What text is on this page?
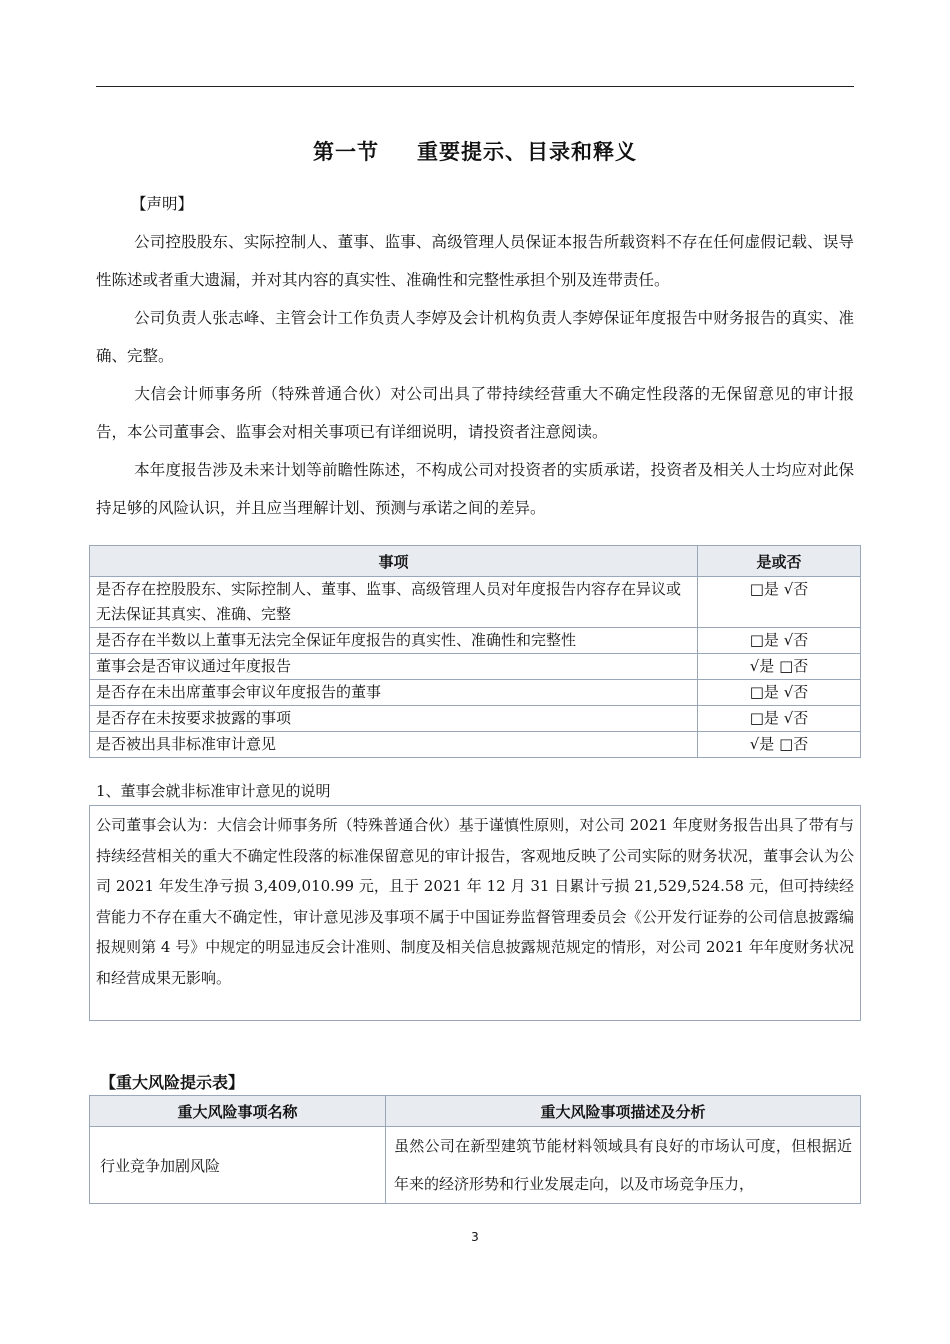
第一节 重要提示、目录和释义
【声明】
公司控股股东、实际控制人、董事、监事、高级管理人员保证本报告所载资料不存在任何虚假记载、误导性陈述或者重大遗漏，并对其内容的真实性、准确性和完整性承担个别及连带责任。
公司负责人张志峰、主管会计工作负责人李婷及会计机构负责人李婷保证年度报告中财务报告的真实、准确、完整。
大信会计师事务所（特殊普通合伙）对公司出具了带持续经营重大不确定性段落的无保留意见的审计报告，本公司董事会、监事会对相关事项已有详细说明，请投资者注意阅读。
本年度报告涉及未来计划等前瞻性陈述，不构成公司对投资者的实质承诺，投资者及相关人士均应对此保持足够的风险认识，并且应当理解计划、预测与承诺之间的差异。
事项	是或否
是否存在控股股东、实际控制人、董事、监事、高级管理人员对年度报告内容存在异议或无法保证其真实、准确、完整	□是 √否
是否存在半数以上董事无法完全保证年度报告的真实性、准确性和完整性	□是 √否
董事会是否审议通过年度报告	√是 □否
是否存在未出席董事会审议年度报告的董事	□是 √否
是否存在未按要求披露的事项	□是 √否
是否被出具非标准审计意见	√是 □否
1、董事会就非标准审计意见的说明
公司董事会认为：大信会计师事务所（特殊普通合伙）基于谨慎性原则，对公司 2021 年度财务报告出具了带有与持续经营相关的重大不确定性段落的标准保留意见的审计报告，客观地反映了公司实际的财务状况，董事会认为公司 2021 年发生净亏损 3,409,010.99 元，且于 2021 年 12 月 31 日累计亏损 21,529,524.58 元，但可持续经营能力不存在重大不确定性，审计意见涉及事项不属于中国证券监督管理委员会《公开发行证券的公司信息披露编报规则第 4 号》中规定的明显违反会计准则、制度及相关信息披露规范规定的情形，对公司 2021 年年度财务状况和经营成果无影响。
【重大风险提示表】
重大风险事项名称	重大风险事项描述及分析
行业竞争加剧风险	虽然公司在新型建筑节能材料领域具有良好的市场认可度，但根据近年来的经济形势和行业发展走向，以及市场竞争压力，
3
